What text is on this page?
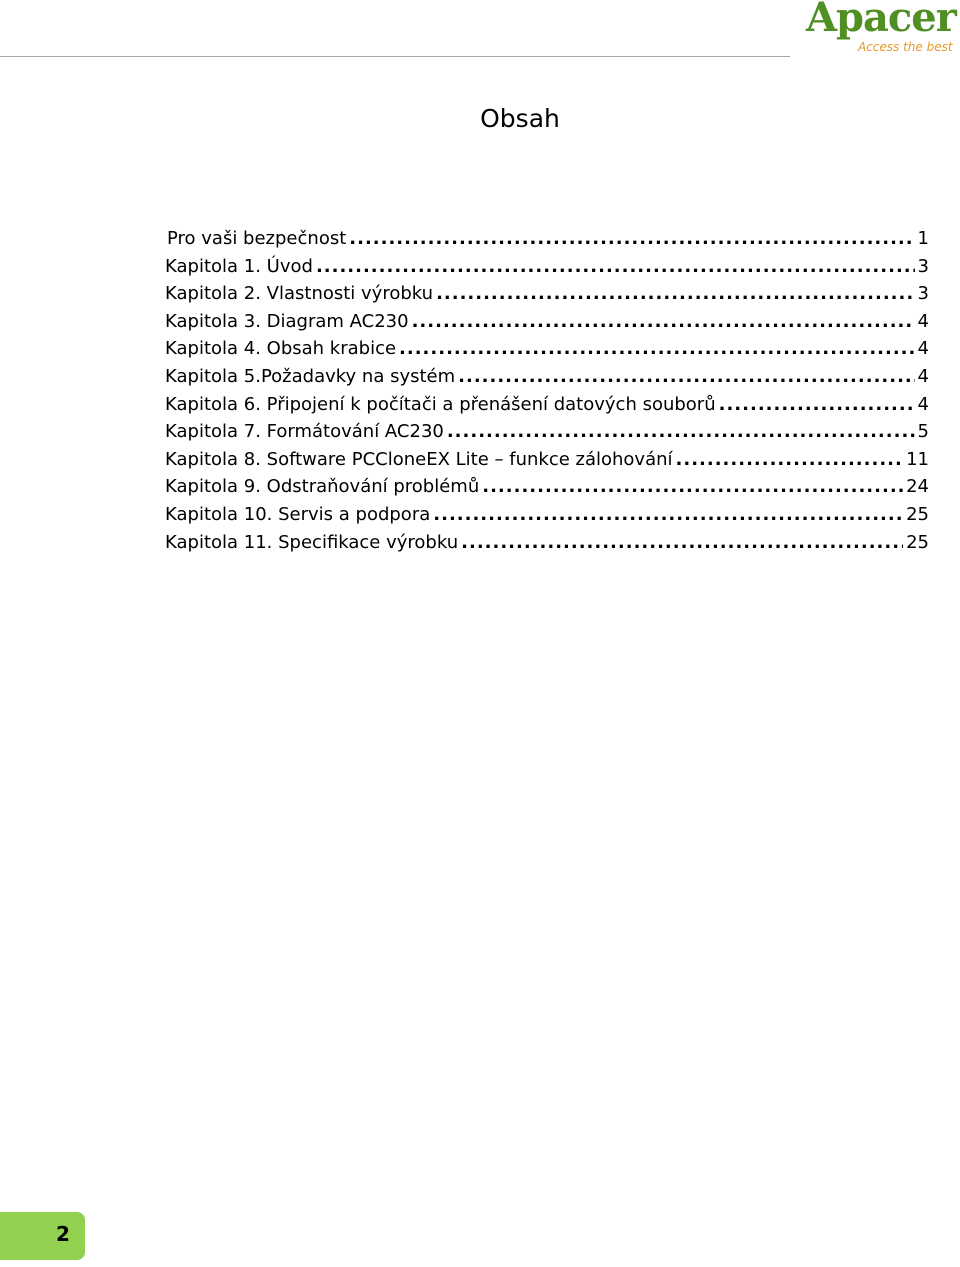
Apacer
Access the best
Obsah
Pro vaši bezpečnost .....	1
Kapitola 1. Úvod .....	3
Kapitola 2. Vlastnosti výrobku .....	3
Kapitola 3. Diagram AC230 .....	4
Kapitola 4. Obsah krabice .....	4
Kapitola 5.Požadavky na systém .....	4
Kapitola 6. Připojení k počítači a přenášení datových souborů .....	4
Kapitola 7. Formátování AC230 .....	5
Kapitola 8. Software PCCloneEX Lite – funkce zálohování .....	11
Kapitola 9. Odstraňování problémů .....	24
Kapitola 10. Servis a podpora .....	25
Kapitola 11. Specifikace výrobku .....	25
2
